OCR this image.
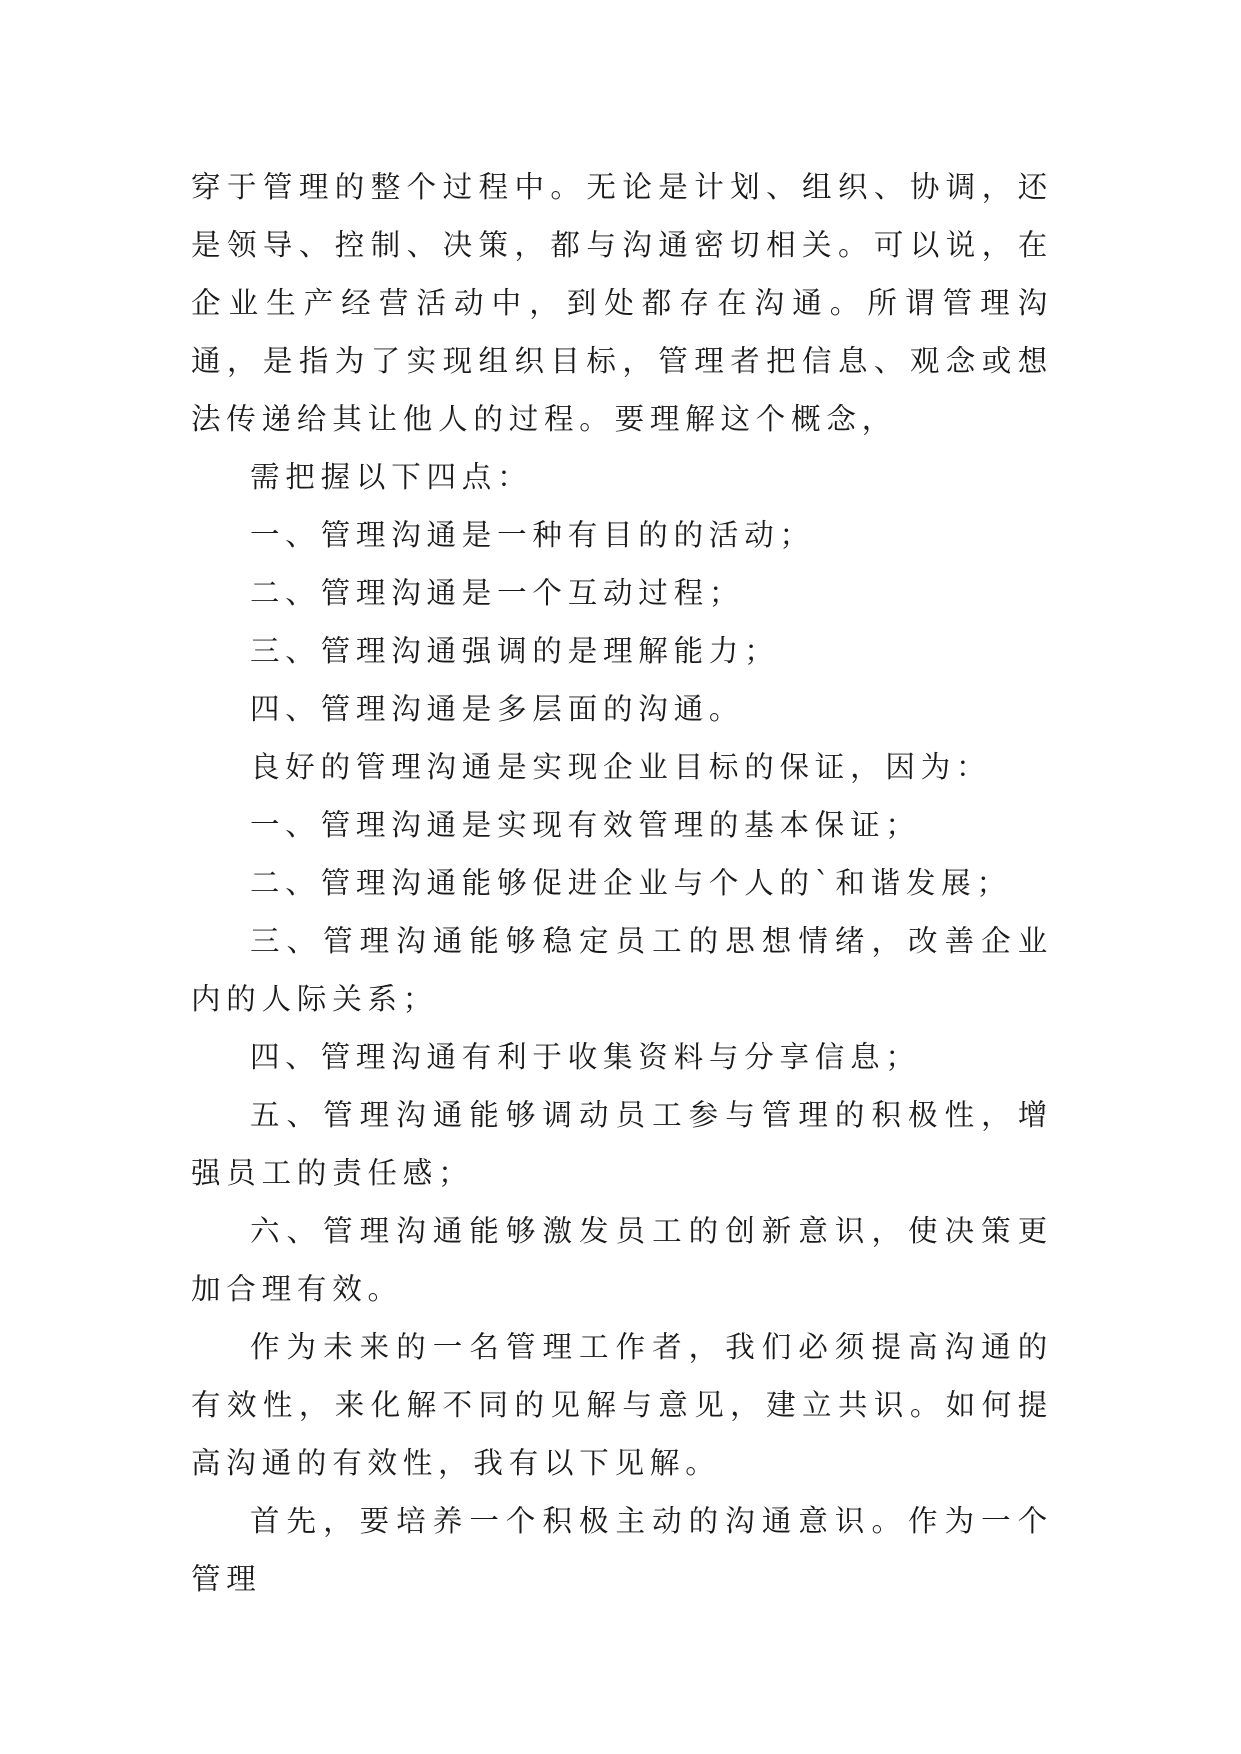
穿于管理的整个过程中。无论是计划、组织、协调，还是领导、控制、决策，都与沟通密切相关。可以说，在企业生产经营活动中，到处都存在沟通。所谓管理沟通，是指为了实现组织目标，管理者把信息、观念或想法传递给其让他人的过程。要理解这个概念，

需把握以下四点：

一、管理沟通是一种有目的的活动；

二、管理沟通是一个互动过程；

三、管理沟通强调的是理解能力；

四、管理沟通是多层面的沟通。

良好的管理沟通是实现企业目标的保证，因为：

一、管理沟通是实现有效管理的基本保证；

二、管理沟通能够促进企业与个人的`和谐发展；

三、管理沟通能够稳定员工的思想情绪，改善企业内的人际关系；

四、管理沟通有利于收集资料与分享信息；

五、管理沟通能够调动员工参与管理的积极性，增强员工的责任感；

六、管理沟通能够激发员工的创新意识，使决策更加合理有效。

作为未来的一名管理工作者，我们必须提高沟通的有效性，来化解不同的见解与意见，建立共识。如何提高沟通的有效性，我有以下见解。

首先，要培养一个积极主动的沟通意识。作为一个管理
